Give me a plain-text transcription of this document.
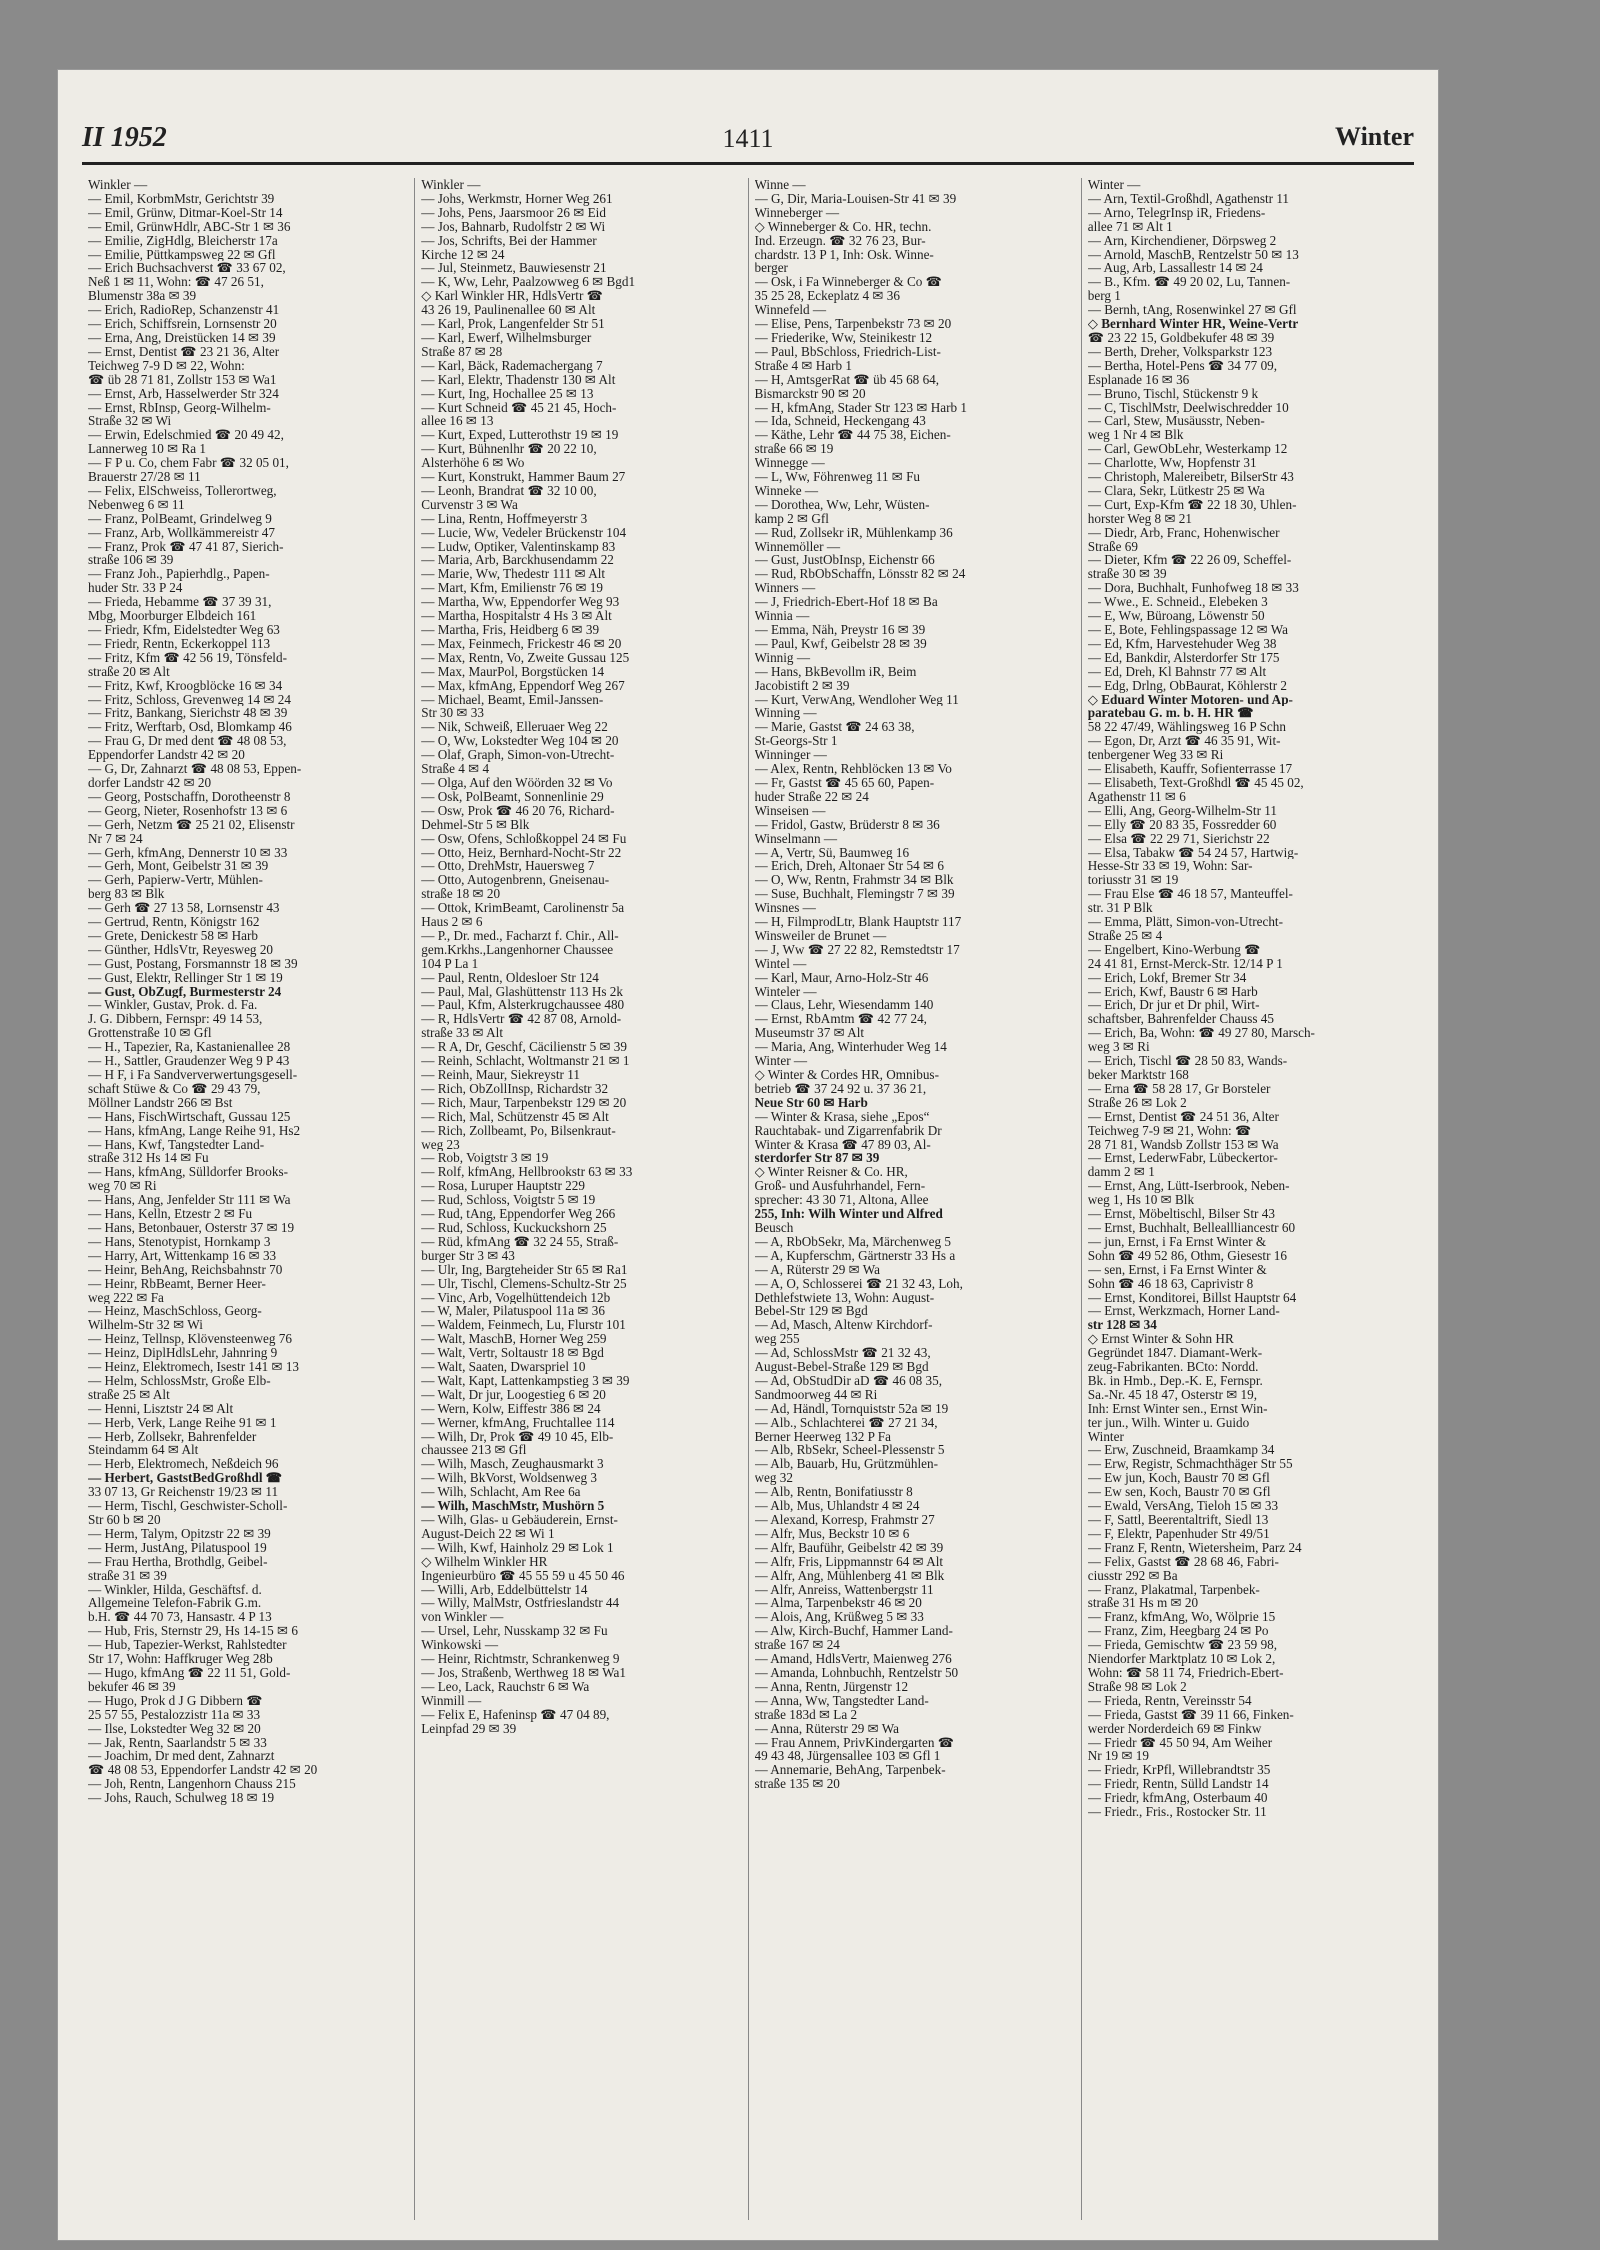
II 1952	1411	Winter
Winkler —
— Emil, KorbmMstr, Gerichtstr 39
— Emil, Grünw, Ditmar-Koel-Str 14
— Emil, GrünwHdlr, ABC-Str 1 ✉ 36
— Emilie, ZigHdlg, Bleicherstr 17a
— Emilie, Püttkampsweg 22 ✉ Gfl
— Erich Buchsachverst ☎ 33 67 02,
Neß 1 ✉ 11, Wohn: ☎ 47 26 51,
Blumenstr 38a ✉ 39
— Erich, RadioRep, Schanzenstr 41
— Erich, Schiffsrein, Lornsenstr 20
— Erna, Ang, Dreistücken 14 ✉ 39
— Ernst, Dentist ☎ 23 21 36, Alter
Teichweg 7-9 D ✉ 22, Wohn:
☎ üb 28 71 81, Zollstr 153 ✉ Wa1
— Ernst, Arb, Hasselwerder Str 324
— Ernst, RbInsp, Georg-Wilhelm-
Straße 32 ✉ Wi
— Erwin, Edelschmied ☎ 20 49 42,
Lannerweg 10 ✉ Ra 1
— F P u. Co, chem Fabr ☎ 32 05 01,
Brauerstr 27/28 ✉ 11
— Felix, ElSchweiss, Tollerortweg,
Nebenweg 6 ✉ 11
— Franz, PolBeamt, Grindelweg 9
— Franz, Arb, Wollkämmereistr 47
— Franz, Prok ☎ 47 41 87, Sierich-
straße 106 ✉ 39
— Franz Joh., Papierhdlg., Papen-
huder Str. 33 P 24
— Frieda, Hebamme ☎ 37 39 31,
Mbg, Moorburger Elbdeich 161
— Friedr, Kfm, Eidelstedter Weg 63
— Friedr, Rentn, Eckerkoppel 113
— Fritz, Kfm ☎ 42 56 19, Tönsfeld-
straße 20 ✉ Alt
— Fritz, Kwf, Kroogblöcke 16 ✉ 34
— Fritz, Schloss, Grevenweg 14 ✉ 24
— Fritz, Bankang, Sierichstr 48 ✉ 39
— Fritz, Werftarb, Osd, Blomkamp 46
— Frau G, Dr med dent ☎ 48 08 53,
Eppendorfer Landstr 42 ✉ 20
— G, Dr, Zahnarzt ☎ 48 08 53, Eppen-
dorfer Landstr 42 ✉ 20
— Georg, Postschaffn, Dorotheenstr 8
— Georg, Nieter, Rosenhofstr 13 ✉ 6
— Gerh, Netzm ☎ 25 21 02, Elisenstr
Nr 7 ✉ 24
— Gerh, kfmAng, Dennerstr 10 ✉ 33
— Gerh, Mont, Geibelstr 31 ✉ 39
— Gerh, Papierw-Vertr, Mühlen-
berg 83 ✉ Blk
— Gerh ☎ 27 13 58, Lornsenstr 43
— Gertrud, Rentn, Königstr 162
— Grete, Denickestr 58 ✉ Harb
— Günther, HdlsVtr, Reyesweg 20
— Gust, Postang, Forsmannstr 18 ✉ 39
— Gust, Elektr, Rellinger Str 1 ✉ 19
— Gust, ObZugf, Burmesterstr 24
— Winkler, Gustav, Prok. d. Fa.
J. G. Dibbern, Fernspr: 49 14 53,
Grottenstraße 10 ✉ Gfl
— H., Tapezier, Ra, Kastanienallee 28
— H., Sattler, Graudenzer Weg 9 P 43
— H F, i Fa Sandververwertungsgesell-
schaft Stüwe & Co ☎ 29 43 79,
Möllner Landstr 266 ✉ Bst
— Hans, FischWirtschaft, Gussau 125
— Hans, kfmAng, Lange Reihe 91, Hs2
— Hans, Kwf, Tangstedter Land-
straße 312 Hs 14 ✉ Fu
— Hans, kfmAng, Sülldorfer Brooks-
weg 70 ✉ Ri
— Hans, Ang, Jenfelder Str 111 ✉ Wa
— Hans, Kelln, Etzestr 2 ✉ Fu
— Hans, Betonbauer, Osterstr 37 ✉ 19
— Hans, Stenotypist, Hornkamp 3
— Harry, Art, Wittenkamp 16 ✉ 33
— Heinr, BehAng, Reichsbahnstr 70
— Heinr, RbBeamt, Berner Heer-
weg 222 ✉ Fa
— Heinz, MaschSchloss, Georg-
Wilhelm-Str 32 ✉ Wi
— Heinz, Tellnsp, Klövensteenweg 76
— Heinz, DiplHdlsLehr, Jahnring 9
— Heinz, Elektromech, Isestr 141 ✉ 13
— Helm, SchlossMstr, Große Elb-
straße 25 ✉ Alt
— Henni, Lisztstr 24 ✉ Alt
— Herb, Verk, Lange Reihe 91 ✉ 1
— Herb, Zollsekr, Bahrenfelder
Steindamm 64 ✉ Alt
— Herb, Elektromech, Neßdeich 96
— Herbert, GaststBedGroßhdl ☎
33 07 13, Gr Reichenstr 19/23 ✉ 11
— Herm, Tischl, Geschwister-Scholl-
Str 60 b ✉ 20
— Herm, Talym, Opitzstr 22 ✉ 39
— Herm, JustAng, Pilatuspool 19
— Frau Hertha, Brothdlg, Geibel-
straße 31 ✉ 39
— Winkler, Hilda, Geschäftsf. d.
Allgemeine Telefon-Fabrik G.m.
b.H. ☎ 44 70 73, Hansastr. 4 P 13
— Hub, Fris, Sternstr 29, Hs 14-15 ✉ 6
— Hub, Tapezier-Werkst, Rahlstedter
Str 17, Wohn: Haffkruger Weg 28b
— Hugo, kfmAng ☎ 22 11 51, Gold-
bekufer 46 ✉ 39
— Hugo, Prok d J G Dibbern ☎
25 57 55, Pestalozzistr 11a ✉ 33
— Ilse, Lokstedter Weg 32 ✉ 20
— Jak, Rentn, Saarlandstr 5 ✉ 33
— Joachim, Dr med dent, Zahnarzt
☎ 48 08 53, Eppendorfer Landstr 42 ✉ 20
— Joh, Rentn, Langenhorn Chauss 215
— Johs, Rauch, Schulweg 18 ✉ 19
Winkler —
— Johs, Werkmstr, Horner Weg 261
— Johs, Pens, Jaarsmoor 26 ✉ Eid
— Jos, Bahnarb, Rudolfstr 2 ✉ Wi
— Jos, Schrifts, Bei der Hammer
Kirche 12 ✉ 24
— Jul, Steinmetz, Bauwiesenstr 21
— K, Ww, Lehr, Paalzowweg 6 ✉ Bgd1
◇ Karl Winkler HR, HdlsVertr ☎
43 26 19, Paulinenallee 60 ✉ Alt
— Karl, Prok, Langenfelder Str 51
— Karl, Ewerf, Wilhelmsburger
Straße 87 ✉ 28
— Karl, Bäck, Rademachergang 7
— Karl, Elektr, Thadenstr 130 ✉ Alt
— Kurt, Ing, Hochallee 25 ✉ 13
— Kurt Schneid ☎ 45 21 45, Hoch-
allee 16 ✉ 13
— Kurt, Exped, Lutterothstr 19 ✉ 19
— Kurt, Bühnenlhr ☎ 20 22 10,
Alsterhöhe 6 ✉ Wo
— Kurt, Konstrukt, Hammer Baum 27
— Leonh, Brandrat ☎ 32 10 00,
Curvenstr 3 ✉ Wa
— Lina, Rentn, Hoffmeyerstr 3
— Lucie, Ww, Vedeler Brückenstr 104
— Ludw, Optiker, Valentinskamp 83
— Maria, Arb, Barckhusendamm 22
— Marie, Ww, Thedestr 111 ✉ Alt
— Mart, Kfm, Emilienstr 76 ✉ 19
— Martha, Ww, Eppendorfer Weg 93
— Martha, Hospitalstr 4 Hs 3 ✉ Alt
— Martha, Fris, Heidberg 6 ✉ 39
— Max, Feinmech, Frickestr 46 ✉ 20
— Max, Rentn, Vo, Zweite Gussau 125
— Max, MaurPol, Borgstücken 14
— Max, kfmAng, Eppendorf Weg 267
— Michael, Beamt, Emil-Janssen-
Str 30 ✉ 33
— Nik, Schweiß, Elleruaer Weg 22
— O, Ww, Lokstedter Weg 104 ✉ 20
— Olaf, Graph, Simon-von-Utrecht-
Straße 4 ✉ 4
— Olga, Auf den Wöörden 32 ✉ Vo
— Osk, PolBeamt, Sonnenlinie 29
— Osw, Prok ☎ 46 20 76, Richard-
Dehmel-Str 5 ✉ Blk
— Osw, Ofens, Schloßkoppel 24 ✉ Fu
— Otto, Heiz, Bernhard-Nocht-Str 22
— Otto, DrehMstr, Hauersweg 7
— Otto, Autogenbrenn, Gneisenau-
straße 18 ✉ 20
— Ottok, KrimBeamt, Carolinenstr 5a
Haus 2 ✉ 6
— P., Dr. med., Facharzt f. Chir., All-
gem.Krkhs.,Langenhorner Chaussee
104 P La 1
— Paul, Rentn, Oldesloer Str 124
— Paul, Mal, Glashüttenstr 113 Hs 2k
— Paul, Kfm, Alsterkrugchaussee 480
— R, HdlsVertr ☎ 42 87 08, Arnold-
straße 33 ✉ Alt
— R A, Dr, Geschf, Cäcilienstr 5 ✉ 39
— Reinh, Schlacht, Woltmanstr 21 ✉ 1
— Reinh, Maur, Siekreystr 11
— Rich, ObZollInsp, Richardstr 32
— Rich, Maur, Tarpenbekstr 129 ✉ 20
— Rich, Mal, Schützenstr 45 ✉ Alt
— Rich, Zollbeamt, Po, Bilsenkraut-
weg 23
— Rob, Voigtstr 3 ✉ 19
— Rolf, kfmAng, Hellbrookstr 63 ✉ 33
— Rosa, Luruper Hauptstr 229
— Rud, Schloss, Voigtstr 5 ✉ 19
— Rud, tAng, Eppendorfer Weg 266
— Rud, Schloss, Kuckuckshorn 25
— Rüd, kfmAng ☎ 32 24 55, Straß-
burger Str 3 ✉ 43
— Ulr, Ing, Bargteheider Str 65 ✉ Ra1
— Ulr, Tischl, Clemens-Schultz-Str 25
— Vinc, Arb, Vogelhüttendeich 12b
— W, Maler, Pilatuspool 11a ✉ 36
— Waldem, Feinmech, Lu, Flurstr 101
— Walt, MaschB, Horner Weg 259
— Walt, Vertr, Soltaustr 18 ✉ Bgd
— Walt, Saaten, Dwarspriel 10
— Walt, Kapt, Lattenkampstieg 3 ✉ 39
— Walt, Dr jur, Loogestieg 6 ✉ 20
— Wern, Kolw, Eiffestr 386 ✉ 24
— Werner, kfmAng, Fruchtallee 114
— Wilh, Dr, Prok ☎ 49 10 45, Elb-
chaussee 213 ✉ Gfl
— Wilh, Masch, Zeughausmarkt 3
— Wilh, BkVorst, Woldsenweg 3
— Wilh, Schlacht, Am Ree 6a
— Wilh, MaschMstr, Mushörn 5
— Wilh, Glas- u Gebäuderein, Ernst-
August-Deich 22 ✉ Wi 1
— Wilh, Kwf, Hainholz 29 ✉ Lok 1
◇ Wilhelm Winkler HR
Ingenieurbüro ☎ 45 55 59 u 45 50 46
— Willi, Arb, Eddelbüttelstr 14
— Willy, MalMstr, Ostfrieslandstr 44
von Winkler —
— Ursel, Lehr, Nusskamp 32 ✉ Fu
Winkowski —
— Heinr, Richtmstr, Schrankenweg 9
— Jos, Straßenb, Werthweg 18 ✉ Wa1
— Leo, Lack, Rauchstr 6 ✉ Wa
Winmill —
— Felix E, Hafeninsp ☎ 47 04 89,
Leinpfad 29 ✉ 39
Winne —
— G, Dir, Maria-Louisen-Str 41 ✉ 39
Winneberger —
◇ Winneberger & Co. HR, techn.
Ind. Erzeugn. ☎ 32 76 23, Bur-
chardstr. 13 P 1, Inh: Osk. Winne-
berger
— Osk, i Fa Winneberger & Co ☎
35 25 28, Eckeplatz 4 ✉ 36
Winnefeld —
— Elise, Pens, Tarpenbekstr 73 ✉ 20
— Friederike, Ww, Steinikestr 12
— Paul, BbSchloss, Friedrich-List-
Straße 4 ✉ Harb 1
— H, AmtsgerRat ☎ üb 45 68 64,
Bismarckstr 90 ✉ 20
— H, kfmAng, Stader Str 123 ✉ Harb 1
— Ida, Schneid, Heckengang 43
— Käthe, Lehr ☎ 44 75 38, Eichen-
straße 66 ✉ 19
Winnegge —
— L, Ww, Föhrenweg 11 ✉ Fu
Winneke —
— Dorothea, Ww, Lehr, Wüsten-
kamp 2 ✉ Gfl
— Rud, Zollsekr iR, Mühlenkamp 36
Winnemöller —
— Gust, JustObInsp, Eichenstr 66
— Rud, RbObSchaffn, Lönsstr 82 ✉ 24
Winners —
— J, Friedrich-Ebert-Hof 18 ✉ Ba
Winnia —
— Emma, Näh, Preystr 16 ✉ 39
— Paul, Kwf, Geibelstr 28 ✉ 39
Winnig —
— Hans, BkBevollm iR, Beim
Jacobistift 2 ✉ 39
— Kurt, VerwAng, Wendloher Weg 11
Winning —
— Marie, Gastst ☎ 24 63 38,
St-Georgs-Str 1
Winninger —
— Alex, Rentn, Rehblöcken 13 ✉ Vo
— Fr, Gastst ☎ 45 65 60, Papen-
huder Straße 22 ✉ 24
Winseisen —
— Fridol, Gastw, Brüderstr 8 ✉ 36
Winselmann —
— A, Vertr, Sü, Baumweg 16
— Erich, Dreh, Altonaer Str 54 ✉ 6
— O, Ww, Rentn, Frahmstr 34 ✉ Blk
— Suse, Buchhalt, Flemingstr 7 ✉ 39
Winsnes —
— H, FilmprodLtr, Blank Hauptstr 117
Winsweiler de Brunet —
— J, Ww ☎ 27 22 82, Remstedtstr 17
Wintel —
— Karl, Maur, Arno-Holz-Str 46
Winteler —
— Claus, Lehr, Wiesendamm 140
— Ernst, RbAmtm ☎ 42 77 24,
Museumstr 37 ✉ Alt
— Maria, Ang, Winterhuder Weg 14
Winter —
◇ Winter & Cordes HR, Omnibus-
betrieb ☎ 37 24 92 u. 37 36 21,
Neue Str 60 ✉ Harb
— Winter & Krasa, siehe „Epos“
Rauchtabak- und Zigarrenfabrik Dr
Winter & Krasa ☎ 47 89 03, Al-
sterdorfer Str 87 ✉ 39
◇ Winter Reisner & Co. HR,
Groß- und Ausfuhrhandel, Fern-
sprecher: 43 30 71, Altona, Allee
255, Inh: Wilh Winter und Alfred
Beusch
— A, RbObSekr, Ma, Märchenweg 5
— A, Kupferschm, Gärtnerstr 33 Hs a
— A, Rüterstr 29 ✉ Wa
— A, O, Schlosserei ☎ 21 32 43, Loh,
Dethlefstwiete 13, Wohn: August-
Bebel-Str 129 ✉ Bgd
— Ad, Masch, Altenw Kirchdorf-
weg 255
— Ad, SchlossMstr ☎ 21 32 43,
August-Bebel-Straße 129 ✉ Bgd
— Ad, ObStudDir aD ☎ 46 08 35,
Sandmoorweg 44 ✉ Ri
— Ad, Händl, Tornquiststr 52a ✉ 19
— Alb., Schlachterei ☎ 27 21 34,
Berner Heerweg 132 P Fa
— Alb, RbSekr, Scheel-Plessenstr 5
— Alb, Bauarb, Hu, Grützmühlen-
weg 32
— Alb, Rentn, Bonifatiusstr 8
— Alb, Mus, Uhlandstr 4 ✉ 24
— Alexand, Korresp, Frahmstr 27
— Alfr, Mus, Beckstr 10 ✉ 6
— Alfr, Bauführ, Geibelstr 42 ✉ 39
— Alfr, Fris, Lippmannstr 64 ✉ Alt
— Alfr, Ang, Mühlenberg 41 ✉ Blk
— Alfr, Anreiss, Wattenbergstr 11
— Alma, Tarpenbekstr 46 ✉ 20
— Alois, Ang, Krüßweg 5 ✉ 33
— Alw, Kirch-Buchf, Hammer Land-
straße 167 ✉ 24
— Amand, HdlsVertr, Maienweg 276
— Amanda, Lohnbuchh, Rentzelstr 50
— Anna, Rentn, Jürgenstr 12
— Anna, Ww, Tangstedter Land-
straße 183d ✉ La 2
— Anna, Rüterstr 29 ✉ Wa
— Frau Annem, PrivKindergarten ☎
49 43 48, Jürgensallee 103 ✉ Gfl 1
— Annemarie, BehAng, Tarpenbek-
straße 135 ✉ 20
Winter —
— Arn, Textil-Großhdl, Agathenstr 11
— Arno, TelegrInsp iR, Friedens-
allee 71 ✉ Alt 1
— Arn, Kirchendiener, Dörpsweg 2
— Arnold, MaschB, Rentzelstr 50 ✉ 13
— Aug, Arb, Lassallestr 14 ✉ 24
— B., Kfm. ☎ 49 20 02, Lu, Tannen-
berg 1
— Bernh, tAng, Rosenwinkel 27 ✉ Gfl
◇ Bernhard Winter HR, Weine-Vertr
☎ 23 22 15, Goldbekufer 48 ✉ 39
— Berth, Dreher, Volksparkstr 123
— Bertha, Hotel-Pens ☎ 34 77 09,
Esplanade 16 ✉ 36
— Bruno, Tischl, Stückenstr 9 k
— C, TischlMstr, Deelwischredder 10
— Carl, Stew, Musäusstr, Neben-
weg 1 Nr 4 ✉ Blk
— Carl, GewObLehr, Westerkamp 12
— Charlotte, Ww, Hopfenstr 31
— Christoph, Malereibetr, BilserStr 43
— Clara, Sekr, Lütkestr 25 ✉ Wa
— Curt, Exp-Kfm ☎ 22 18 30, Uhlen-
horster Weg 8 ✉ 21
— Diedr, Arb, Franc, Hohenwischer
Straße 69
— Dieter, Kfm ☎ 22 26 09, Scheffel-
straße 30 ✉ 39
— Dora, Buchhalt, Funhofweg 18 ✉ 33
— Wwe., E. Schneid., Elebeken 3
— E, Ww, Büroang, Löwenstr 50
— E, Bote, Fehlingspassage 12 ✉ Wa
— Ed, Kfm, Harvestehuder Weg 38
— Ed, Bankdir, Alsterdorfer Str 175
— Ed, Dreh, Kl Bahnstr 77 ✉ Alt
— Edg, Drlng, ObBaurat, Köhlerstr 2
◇ Eduard Winter Motoren- und Ap-
paratebau G. m. b. H. HR ☎
58 22 47/49, Wählingsweg 16 P Schn
— Egon, Dr, Arzt ☎ 46 35 91, Wit-
tenbergener Weg 33 ✉ Ri
— Elisabeth, Kauffr, Sofienterrasse 17
— Elisabeth, Text-Großhdl ☎ 45 45 02,
Agathenstr 11 ✉ 6
— Elli, Ang, Georg-Wilhelm-Str 11
— Elly ☎ 20 83 35, Fossredder 60
— Elsa ☎ 22 29 71, Sierichstr 22
— Elsa, Tabakw ☎ 54 24 57, Hartwig-
Hesse-Str 33 ✉ 19, Wohn: Sar-
toriusstr 31 ✉ 19
— Frau Else ☎ 46 18 57, Manteuffel-
str. 31 P Blk
— Emma, Plätt, Simon-von-Utrecht-
Straße 25 ✉ 4
— Engelbert, Kino-Werbung ☎
24 41 81, Ernst-Merck-Str. 12/14 P 1
— Erich, Lokf, Bremer Str 34
— Erich, Kwf, Baustr 6 ✉ Harb
— Erich, Dr jur et Dr phil, Wirt-
schaftsber, Bahrenfelder Chauss 45
— Erich, Ba, Wohn: ☎ 49 27 80, Marsch-
weg 3 ✉ Ri
— Erich, Tischl ☎ 28 50 83, Wands-
beker Marktstr 168
— Erna ☎ 58 28 17, Gr Borsteler
Straße 26 ✉ Lok 2
— Ernst, Dentist ☎ 24 51 36, Alter
Teichweg 7-9 ✉ 21, Wohn: ☎
28 71 81, Wandsb Zollstr 153 ✉ Wa
— Ernst, LederwFabr, Lübeckertor-
damm 2 ✉ 1
— Ernst, Ang, Lütt-Iserbrook, Neben-
weg 1, Hs 10 ✉ Blk
— Ernst, Möbeltischl, Bilser Str 43
— Ernst, Buchhalt, Belleallliancestr 60
— jun, Ernst, i Fa Ernst Winter &
Sohn ☎ 49 52 86, Othm, Giesestr 16
— sen, Ernst, i Fa Ernst Winter &
Sohn ☎ 46 18 63, Caprivistr 8
— Ernst, Konditorei, Billst Hauptstr 64
— Ernst, Werkzmach, Horner Land-
str 128 ✉ 34
◇ Ernst Winter & Sohn HR
Gegründet 1847. Diamant-Werk-
zeug-Fabrikanten. BCto: Nordd.
Bk. in Hmb., Dep.-K. E, Fernspr.
Sa.-Nr. 45 18 47, Osterstr ✉ 19,
Inh: Ernst Winter sen., Ernst Win-
ter jun., Wilh. Winter u. Guido
Winter
— Erw, Zuschneid, Braamkamp 34
— Erw, Registr, Schmachthäger Str 55
— Ew jun, Koch, Baustr 70 ✉ Gfl
— Ew sen, Koch, Baustr 70 ✉ Gfl
— Ewald, VersAng, Tieloh 15 ✉ 33
— F, Sattl, Beerentaltrift, Siedl 13
— F, Elektr, Papenhuder Str 49/51
— Franz F, Rentn, Wietersheim, Parz 24
— Felix, Gastst ☎ 28 68 46, Fabri-
ciusstr 292 ✉ Ba
— Franz, Plakatmal, Tarpenbek-
straße 31 Hs m ✉ 20
— Franz, kfmAng, Wo, Wölprie 15
— Franz, Zim, Heegbarg 24 ✉ Po
— Frieda, Gemischtw ☎ 23 59 98,
Niendorfer Marktplatz 10 ✉ Lok 2,
Wohn: ☎ 58 11 74, Friedrich-Ebert-
Straße 98 ✉ Lok 2
— Frieda, Rentn, Vereinsstr 54
— Frieda, Gastst ☎ 39 11 66, Finken-
werder Norderdeich 69 ✉ Finkw
— Friedr ☎ 45 50 94, Am Weiher
Nr 19 ✉ 19
— Friedr, KrPfl, Willebrandtstr 35
— Friedr, Rentn, Sülld Landstr 14
— Friedr, kfmAng, Osterbaum 40
— Friedr., Fris., Rostocker Str. 11
